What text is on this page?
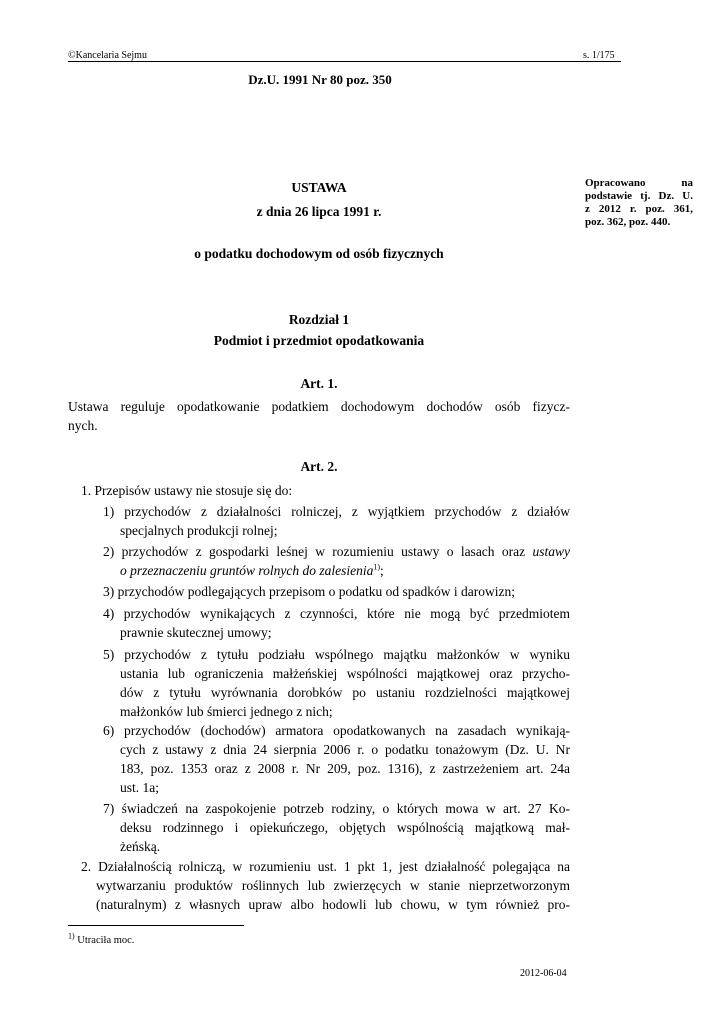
©Kancelaria Sejmu	s. 1/175
Dz.U. 1991 Nr 80 poz. 350
Opracowano na
podstawie tj. Dz. U.
z 2012 r. poz. 361,
poz. 362, poz. 440.
USTAWA
z dnia 26 lipca 1991 r.
o podatku dochodowym od osób fizycznych
Rozdział 1
Podmiot i przedmiot opodatkowania
Art. 1.
Ustawa reguluje opodatkowanie podatkiem dochodowym dochodów osób fizycz-
nych.
Art. 2.
1. Przepisów ustawy nie stosuje się do:
1) przychodów z działalności rolniczej, z wyjątkiem przychodów z działów
specjalnych produkcji rolnej;
2) przychodów z gospodarki leśnej w rozumieniu ustawy o lasach oraz ustawy
o przeznaczeniu gruntów rolnych do zalesienia$^{1)}$;
3) przychodów podlegających przepisom o podatku od spadków i darowizn;
4) przychodów wynikających z czynności, które nie mogą być przedmiotem
prawnie skutecznej umowy;
5) przychodów z tytułu podziału wspólnego majątku małżonków w wyniku
ustania lub ograniczenia małżeńskiej wspólności majątkowej oraz przycho-
dów z tytułu wyrównania dorobków po ustaniu rozdzielności majątkowej
małżonków lub śmierci jednego z nich;
6) przychodów (dochodów) armatora opodatkowanych na zasadach wynikają-
cych z ustawy z dnia 24 sierpnia 2006 r. o podatku tonażowym (Dz. U. Nr
183, poz. 1353 oraz z 2008 r. Nr 209, poz. 1316), z zastrzeżeniem art. 24a
ust. 1a;
7) świadczeń na zaspokojenie potrzeb rodziny, o których mowa w art. 27 Ko-
deksu rodzinnego i opiekuńczego, objętych wspólnością majątkową mał-
żeńską.
2. Działalnością rolniczą, w rozumieniu ust. 1 pkt 1, jest działalność polegająca na
wytwarzaniu produktów roślinnych lub zwierzęcych w stanie nieprzetworzonym
(naturalnym) z własnych upraw albo hodowli lub chowu, w tym również pro-
$^{1)}$ Utraciła moc.
2012-06-04
